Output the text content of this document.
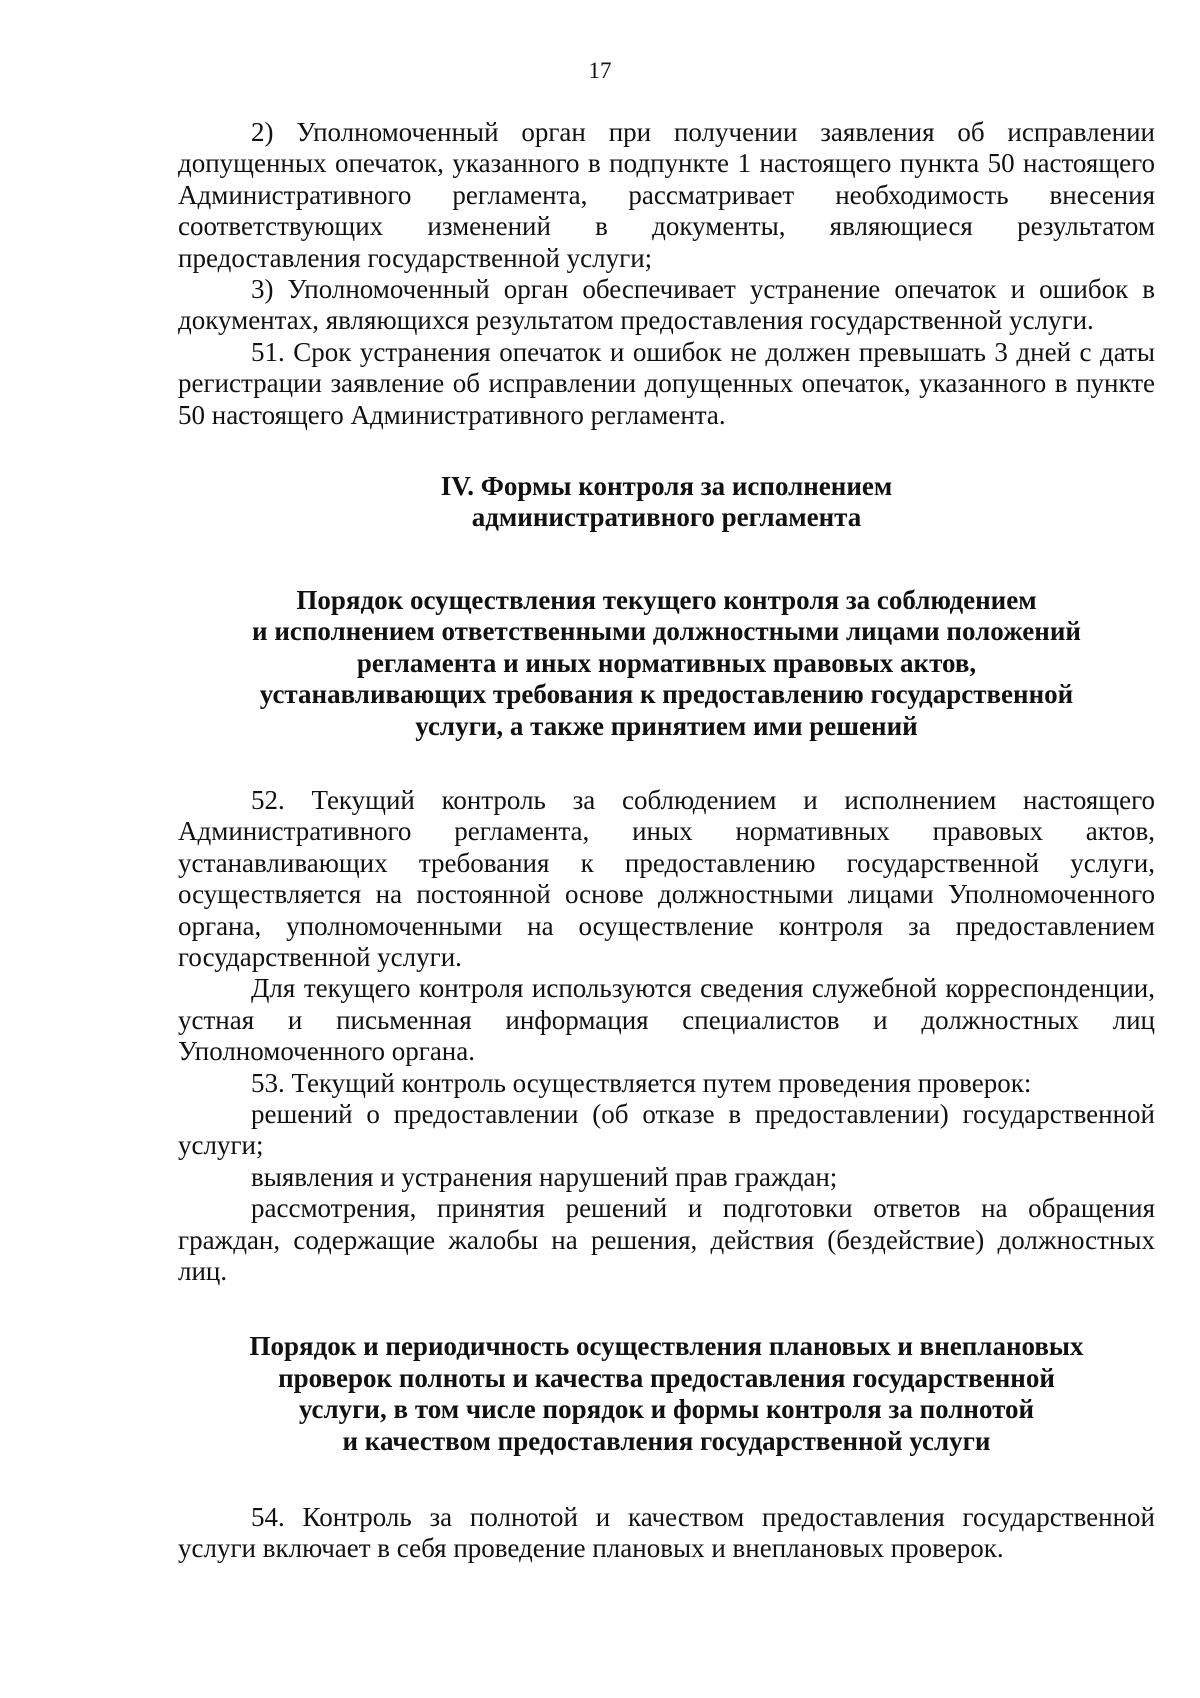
17

2) Уполномоченный орган при получении заявления об исправлении допущенных опечаток, указанного в подпункте 1 настоящего пункта 50 настоящего Административного регламента, рассматривает необходимость внесения соответствующих изменений в документы, являющиеся результатом предоставления государственной услуги;

3) Уполномоченный орган обеспечивает устранение опечаток и ошибок в документах, являющихся результатом предоставления государственной услуги.

51. Срок устранения опечаток и ошибок не должен превышать 3 дней с даты регистрации заявление об исправлении допущенных опечаток, указанного в пункте 50 настоящего Административного регламента.

IV. Формы контроля за исполнением
административного регламента
Порядок осуществления текущего контроля за соблюдением
и исполнением ответственными должностными лицами положений
регламента и иных нормативных правовых актов,
устанавливающих требования к предоставлению государственной
услуги, а также принятием ими решений

52. Текущий контроль за соблюдением и исполнением настоящего Административного регламента, иных нормативных правовых актов, устанавливающих требования к предоставлению государственной услуги, осуществляется на постоянной основе должностными лицами Уполномоченного органа, уполномоченными на осуществление контроля за предоставлением государственной услуги.

Для текущего контроля используются сведения служебной корреспонденции, устная и письменная информация специалистов и должностных лиц Уполномоченного органа.

53. Текущий контроль осуществляется путем проведения проверок:

решений о предоставлении (об отказе в предоставлении) государственной услуги;

выявления и устранения нарушений прав граждан;

рассмотрения, принятия решений и подготовки ответов на обращения граждан, содержащие жалобы на решения, действия (бездействие) должностных лиц.

Порядок и периодичность осуществления плановых и внеплановых
проверок полноты и качества предоставления государственной
услуги, в том числе порядок и формы контроля за полнотой
и качеством предоставления государственной услуги

54. Контроль за полнотой и качеством предоставления государственной услуги включает в себя проведение плановых и внеплановых проверок.
